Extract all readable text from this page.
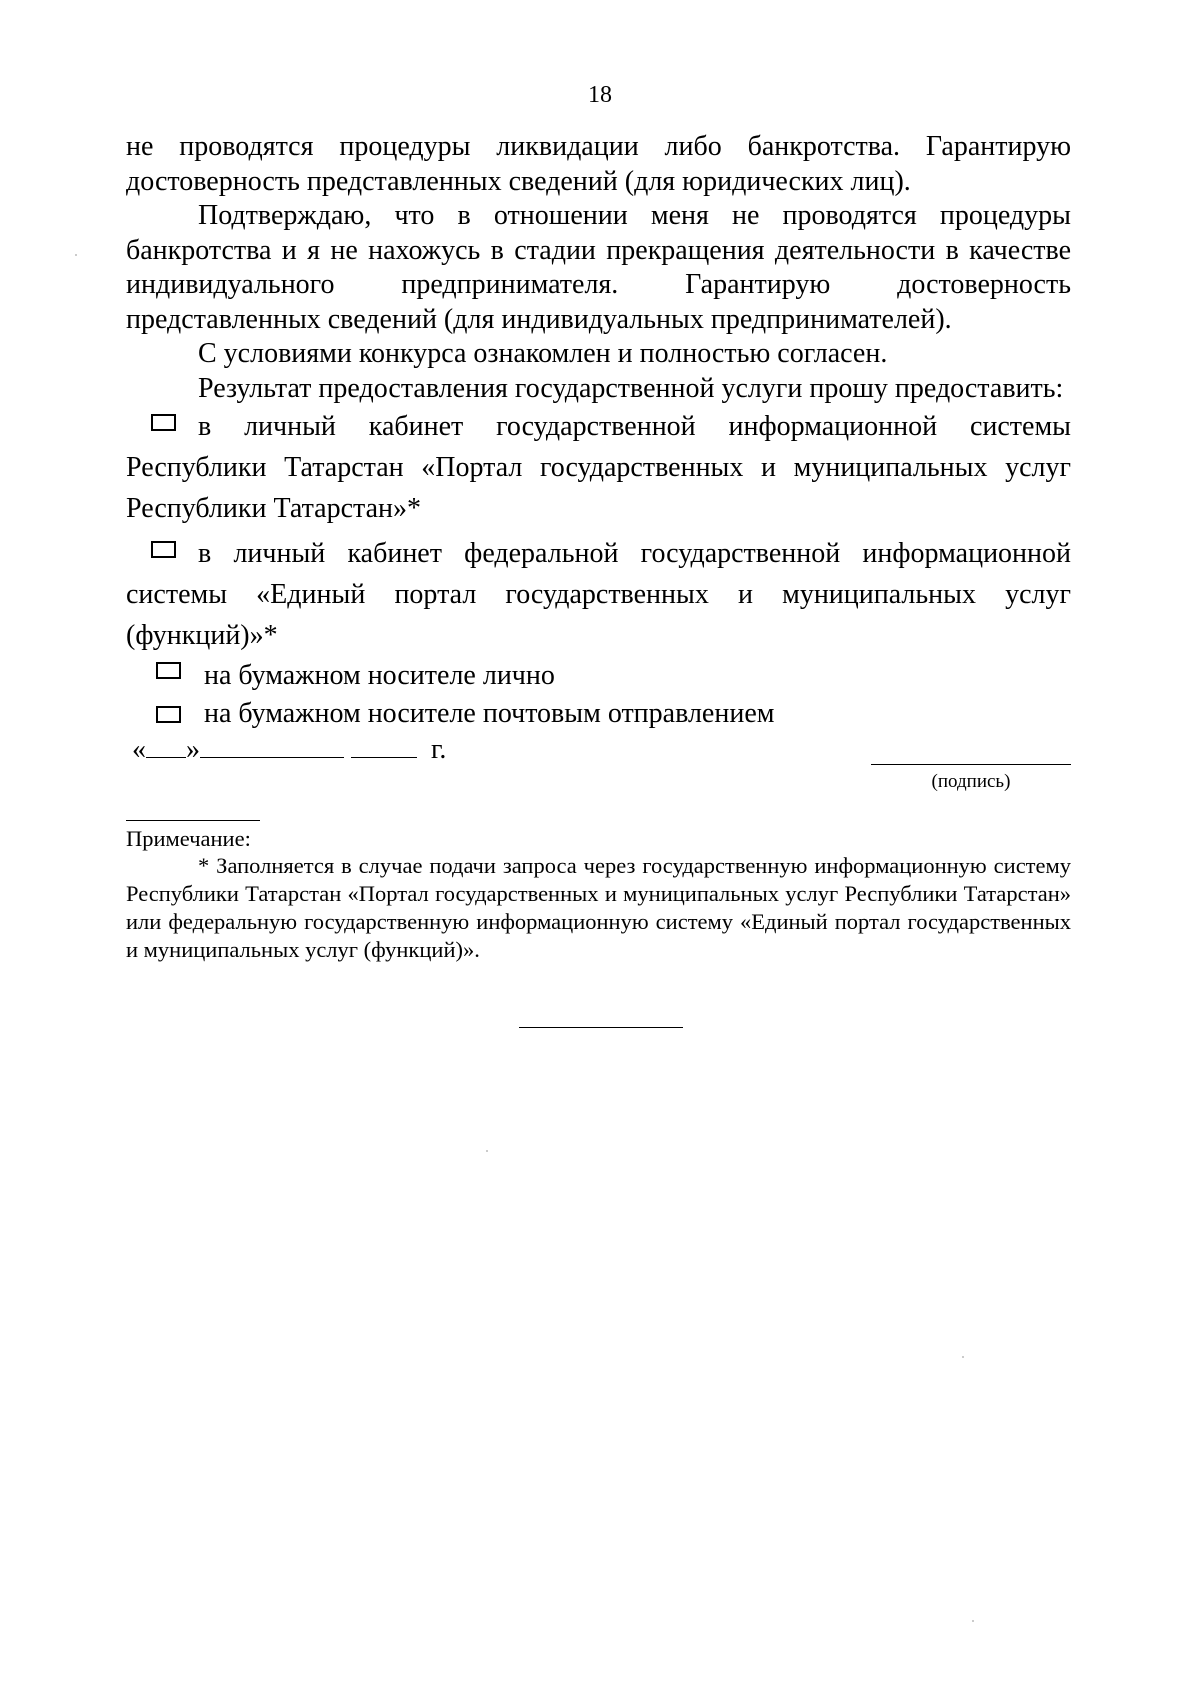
18

не проводятся процедуры ликвидации либо банкротства. Гарантирую достоверность представленных сведений (для юридических лиц).

Подтверждаю, что в отношении меня не проводятся процедуры банкротства и я не нахожусь в стадии прекращения деятельности в качестве индивидуального предпринимателя. Гарантирую достоверность представленных сведений (для индивидуальных предпринимателей).

С условиями конкурса ознакомлен и полностью согласен.

Результат предоставления государственной услуги прошу предоставить:

в личный кабинет государственной информационной системы Республики Татарстан «Портал государственных и муниципальных услуг Республики Татарстан»*
в личный кабинет федеральной государственной информационной системы «Единый портал государственных и муниципальных услуг (функций)»*
на бумажном носителе лично
на бумажном носителе почтовым отправлением
« »	г.
(подпись)
Примечание:
* Заполняется в случае подачи запроса через государственную информационную систему Республики Татарстан «Портал государственных и муниципальных услуг Республики Татарстан» или федеральную государственную информационную систему «Единый портал государственных и муниципальных услуг (функций)».
